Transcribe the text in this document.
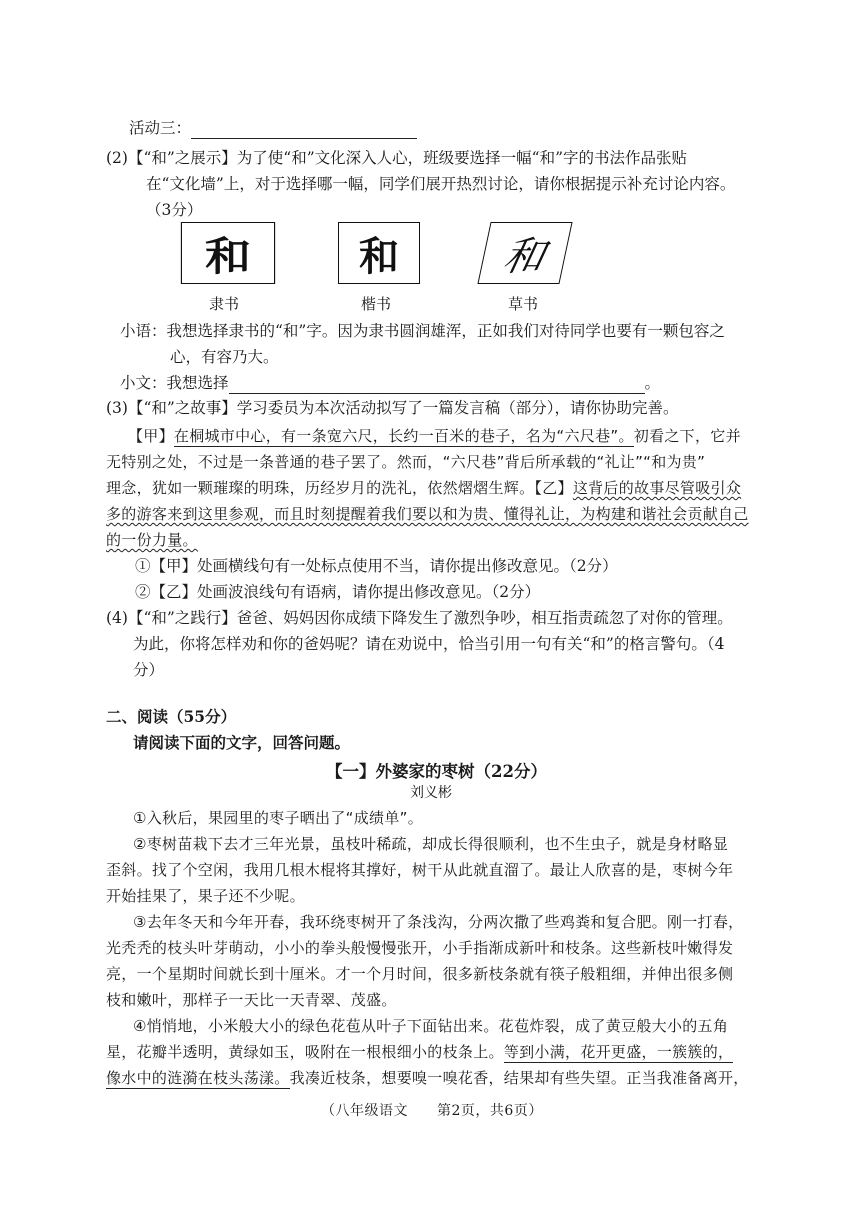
活动三：
(2)【“和”之展示】为了使“和”文化深入人心，班级要选择一幅“和”字的书法作品张贴
在“文化墙”上，对于选择哪一幅，同学们展开热烈讨论，请你根据提示补充讨论内容。
（3分）
和	和	和
隶书	楷书	草书
小语：我想选择隶书的“和”字。因为隶书圆润雄浑，正如我们对待同学也要有一颗包容之
心，有容乃大。
小文：我想选择	。
(3)【“和”之故事】学习委员为本次活动拟写了一篇发言稿（部分），请你协助完善。
【甲】在桐城市中心，有一条宽六尺，长约一百米的巷子，名为“六尺巷”。初看之下，它并
无特别之处，不过是一条普通的巷子罢了。然而，“六尺巷”背后所承载的“礼让”“和为贵”
理念，犹如一颗璀璨的明珠，历经岁月的洗礼，依然熠熠生辉。【乙】这背后的故事尽管吸引众
多的游客来到这里参观，而且时刻提醒着我们要以和为贵、懂得礼让，为构建和谐社会贡献自己
的一份力量。
①【甲】处画横线句有一处标点使用不当，请你提出修改意见。（2分）
②【乙】处画波浪线句有语病，请你提出修改意见。（2分）
(4)【“和”之践行】爸爸、妈妈因你成绩下降发生了激烈争吵，相互指责疏忽了对你的管理。
为此，你将怎样劝和你的爸妈呢？请在劝说中，恰当引用一句有关“和”的格言警句。（4
分）
二、阅读（55分）
请阅读下面的文字，回答问题。
【一】外婆家的枣树（22分）
刘义彬
①入秋后，果园里的枣子晒出了“成绩单”。
②枣树苗栽下去才三年光景，虽枝叶稀疏，却成长得很顺利，也不生虫子，就是身材略显
歪斜。找了个空闲，我用几根木棍将其撑好，树干从此就直溜了。最让人欣喜的是，枣树今年
开始挂果了，果子还不少呢。
③去年冬天和今年开春，我环绕枣树开了条浅沟，分两次撒了些鸡粪和复合肥。刚一打春，
光秃秃的枝头叶芽萌动，小小的拳头般慢慢张开，小手指渐成新叶和枝条。这些新枝叶嫩得发
亮，一个星期时间就长到十厘米。才一个月时间，很多新枝条就有筷子般粗细，并伸出很多侧
枝和嫩叶，那样子一天比一天青翠、茂盛。
④悄悄地，小米般大小的绿色花苞从叶子下面钻出来。花苞炸裂，成了黄豆般大小的五角
星，花瓣半透明，黄绿如玉，吸附在一根根细小的枝条上。等到小满，花开更盛，一簇簇的，
像水中的涟漪在枝头荡漾。我凑近枝条，想要嗅一嗅花香，结果却有些失望。正当我准备离开，
（八年级语文　　第2页，共6页）
